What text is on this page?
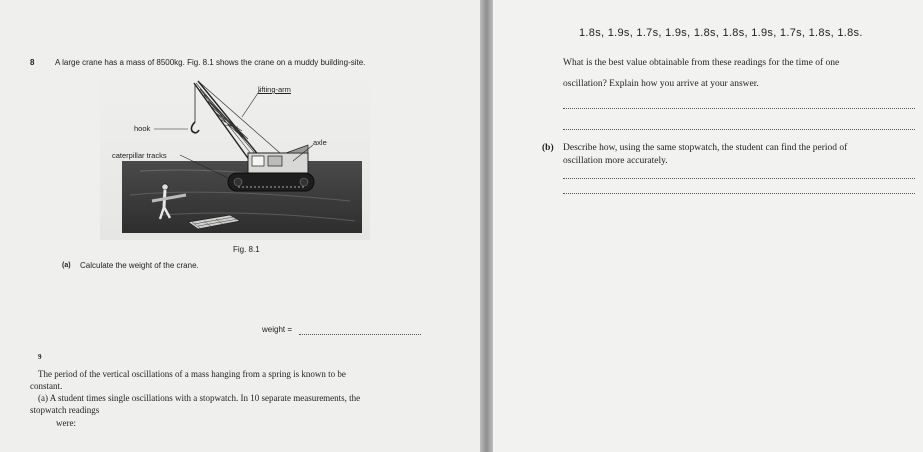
8	A large crane has a mass of 8500kg. Fig. 8.1 shows the crane on a muddy building-site.
lifting-arm
hook
axle
caterpillar tracks
Fig. 8.1
(a) Calculate the weight of the crane.
weight =
9
The period of the vertical oscillations of a mass hanging from a spring is known to be
constant.
(a) A student times single oscillations with a stopwatch. In 10 separate measurements, the
stopwatch readings
were:
1.8s, 1.9s, 1.7s, 1.9s, 1.8s, 1.8s, 1.9s, 1.7s, 1.8s, 1.8s.
What is the best value obtainable from these readings for the time of one
oscillation? Explain how you arrive at your answer.
(b) Describe how, using the same stopwatch, the student can find the period of
oscillation more accurately.
